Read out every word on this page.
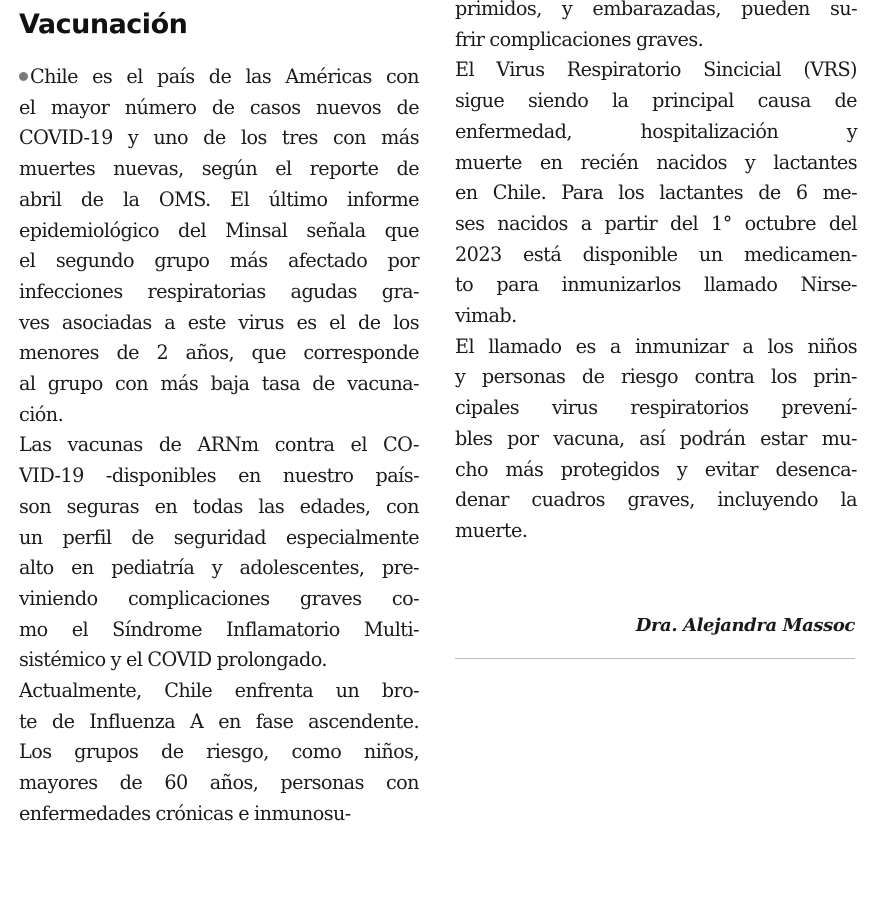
Vacunación

Chile es el país de las Américas con
el mayor número de casos nuevos de
COVID-19 y uno de los tres con más
muertes nuevas, según el reporte de
abril de la OMS. El último informe
epidemiológico del Minsal señala que
el segundo grupo más afectado por
infecciones respiratorias agudas gra-
ves asociadas a este virus es el de los
menores de 2 años, que corresponde
al grupo con más baja tasa de vacuna-
ción.

Las vacunas de ARNm contra el CO-
VID-19 -disponibles en nuestro país-
son seguras en todas las edades, con
un perfil de seguridad especialmente
alto en pediatría y adolescentes, pre-
viniendo complicaciones graves co-
mo el Síndrome Inflamatorio Multi-
sistémico y el COVID prolongado.

Actualmente, Chile enfrenta un bro-
te de Influenza A en fase ascendente.
Los grupos de riesgo, como niños,
mayores de 60 años, personas con
enfermedades crónicas e inmunosu-

primidos, y embarazadas, pueden su-
frir complicaciones graves.

El Virus Respiratorio Sincicial (VRS)
sigue siendo la principal causa de
enfermedad, hospitalización y
muerte en recién nacidos y lactantes
en Chile. Para los lactantes de 6 me-
ses nacidos a partir del 1° octubre del
2023 está disponible un medicamen-
to para inmunizarlos llamado Nirse-
vimab.

El llamado es a inmunizar a los niños
y personas de riesgo contra los prin-
cipales virus respiratorios prevení-
bles por vacuna, así podrán estar mu-
cho más protegidos y evitar desenca-
denar cuadros graves, incluyendo la
muerte.

Dra. Alejandra Massoc
